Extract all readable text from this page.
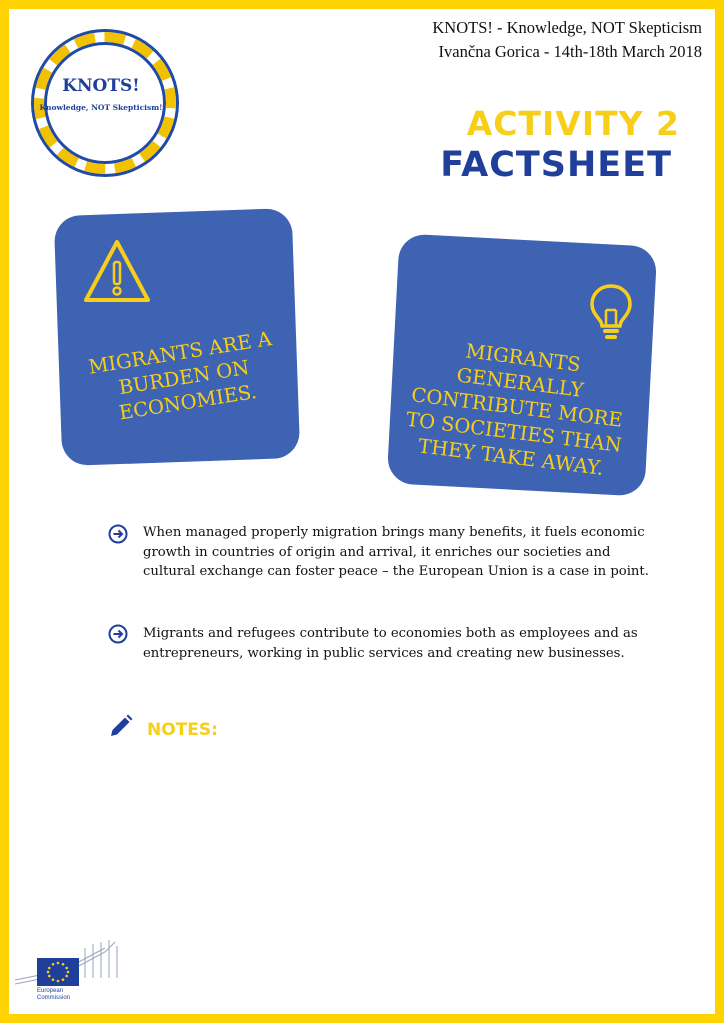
KNOTS!
Knowledge, NOT Skepticism!
KNOTS! - Knowledge, NOT Skepticism
Ivančna Gorica - 14th-18th March 2018
ACTIVITY 2
FACTSHEET
MIGRANTS ARE A BURDEN ON ECONOMIES.
MIGRANTS GENERALLY CONTRIBUTE MORE TO SOCIETIES THAN THEY TAKE AWAY.
When managed properly migration brings many benefits, it fuels economic growth in countries of origin and arrival, it enriches our societies and cultural exchange can foster peace – the European Union is a case in point.
Migrants and refugees contribute to economies both as employees and as entrepreneurs, working in public services and creating new businesses.
NOTES:
European
Commission
